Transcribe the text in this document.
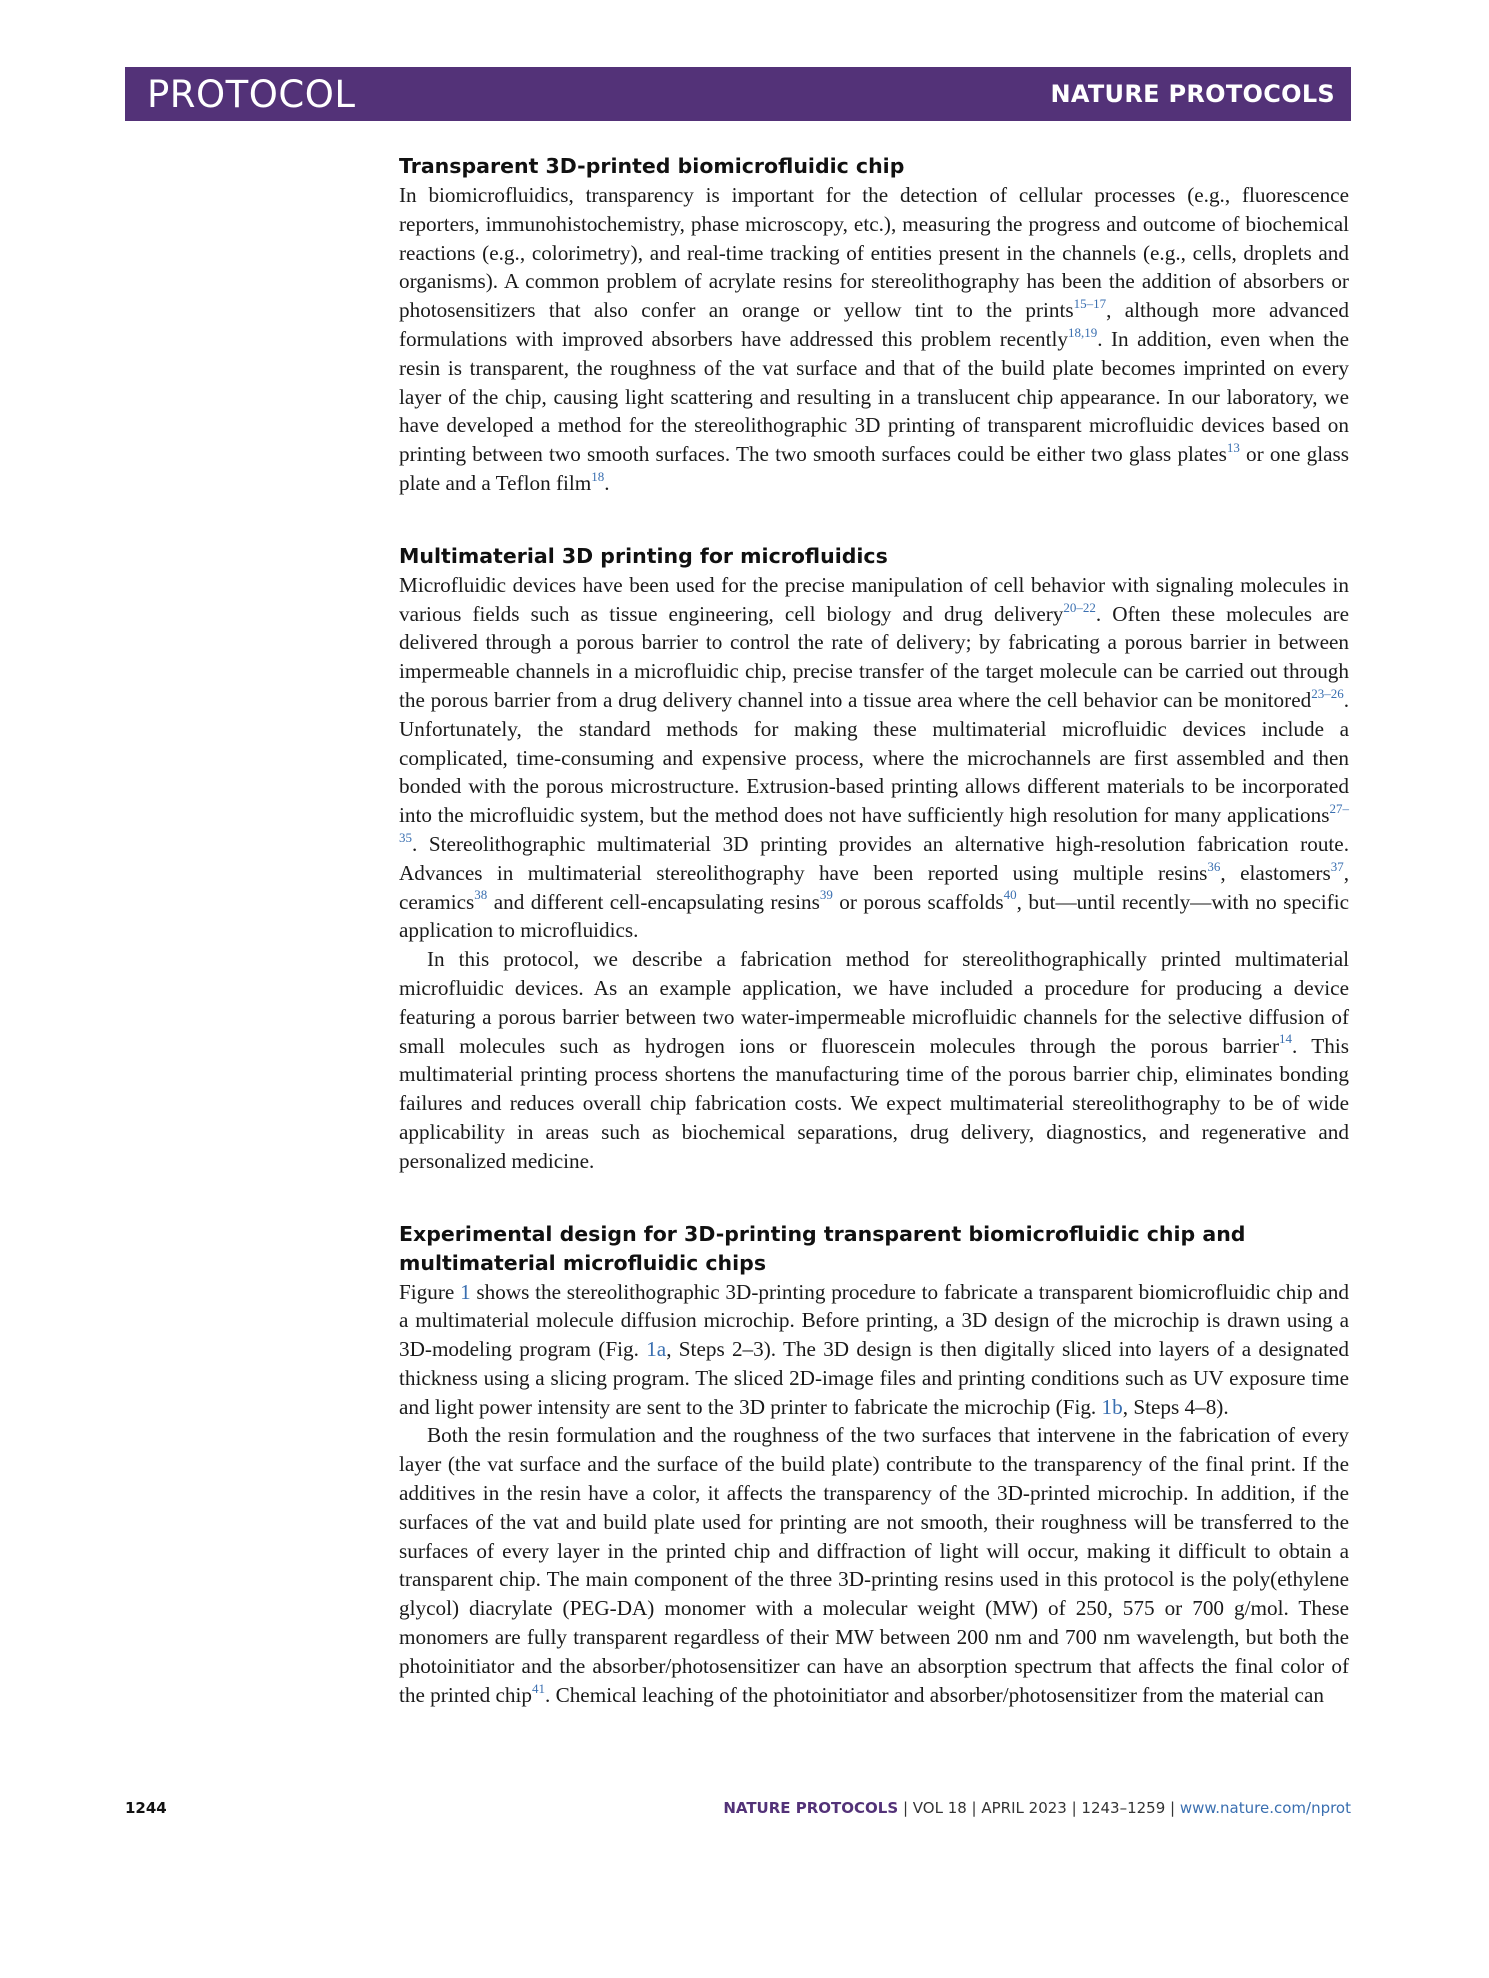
PROTOCOL	NATURE PROTOCOLS
Transparent 3D-printed biomicrofluidic chip

In biomicrofluidics, transparency is important for the detection of cellular processes (e.g., fluorescence reporters, immunohistochemistry, phase microscopy, etc.), measuring the progress and outcome of biochemical reactions (e.g., colorimetry), and real-time tracking of entities present in the channels (e.g., cells, droplets and organisms). A common problem of acrylate resins for stereolithography has been the addition of absorbers or photosensitizers that also confer an orange or yellow tint to the prints$^{15-17}$, although more advanced formulations with improved absorbers have addressed this problem recently$^{18,19}$. In addition, even when the resin is transparent, the roughness of the vat surface and that of the build plate becomes imprinted on every layer of the chip, causing light scattering and resulting in a translucent chip appearance. In our laboratory, we have developed a method for the stereolithographic 3D printing of transparent microfluidic devices based on printing between two smooth surfaces. The two smooth surfaces could be either two glass plates$^{13}$ or one glass plate and a Teflon film$^{18}$.

Multimaterial 3D printing for microfluidics

Microfluidic devices have been used for the precise manipulation of cell behavior with signaling molecules in various fields such as tissue engineering, cell biology and drug delivery$^{20-22}$. Often these molecules are delivered through a porous barrier to control the rate of delivery; by fabricating a porous barrier in between impermeable channels in a microfluidic chip, precise transfer of the target molecule can be carried out through the porous barrier from a drug delivery channel into a tissue area where the cell behavior can be monitored$^{23-26}$. Unfortunately, the standard methods for making these multimaterial microfluidic devices include a complicated, time-consuming and expensive process, where the microchannels are first assembled and then bonded with the porous microstructure. Extrusion-based printing allows different materials to be incorporated into the microfluidic system, but the method does not have sufficiently high resolution for many applications$^{27-35}$. Stereolithographic multimaterial 3D printing provides an alternative high-resolution fabrication route. Advances in multimaterial stereolithography have been reported using multiple resins$^{36}$, elastomers$^{37}$, ceramics$^{38}$ and different cell-encapsulating resins$^{39}$ or porous scaffolds$^{40}$, but—until recently—with no specific application to microfluidics.

In this protocol, we describe a fabrication method for stereolithographically printed multimaterial microfluidic devices. As an example application, we have included a procedure for producing a device featuring a porous barrier between two water-impermeable microfluidic channels for the selective diffusion of small molecules such as hydrogen ions or fluorescein molecules through the porous barrier$^{14}$. This multimaterial printing process shortens the manufacturing time of the porous barrier chip, eliminates bonding failures and reduces overall chip fabrication costs. We expect multimaterial stereolithography to be of wide applicability in areas such as biochemical separations, drug delivery, diagnostics, and regenerative and personalized medicine.

Experimental design for 3D-printing transparent biomicrofluidic chip and multimaterial microfluidic chips

Figure 1 shows the stereolithographic 3D-printing procedure to fabricate a transparent biomicrofluidic chip and a multimaterial molecule diffusion microchip. Before printing, a 3D design of the microchip is drawn using a 3D-modeling program (Fig. 1a, Steps 2–3). The 3D design is then digitally sliced into layers of a designated thickness using a slicing program. The sliced 2D-image files and printing conditions such as UV exposure time and light power intensity are sent to the 3D printer to fabricate the microchip (Fig. 1b, Steps 4–8).

Both the resin formulation and the roughness of the two surfaces that intervene in the fabrication of every layer (the vat surface and the surface of the build plate) contribute to the transparency of the final print. If the additives in the resin have a color, it affects the transparency of the 3D-printed microchip. In addition, if the surfaces of the vat and build plate used for printing are not smooth, their roughness will be transferred to the surfaces of every layer in the printed chip and diffraction of light will occur, making it difficult to obtain a transparent chip. The main component of the three 3D-printing resins used in this protocol is the poly(ethylene glycol) diacrylate (PEG-DA) monomer with a molecular weight (MW) of 250, 575 or 700 g/mol. These monomers are fully transparent regardless of their MW between 200 nm and 700 nm wavelength, but both the photoinitiator and the absorber/photosensitizer can have an absorption spectrum that affects the final color of the printed chip$^{41}$. Chemical leaching of the photoinitiator and absorber/photosensitizer from the material can

1244	NATURE PROTOCOLS | VOL 18 | APRIL 2023 | 1243–1259 | www.nature.com/nprot
